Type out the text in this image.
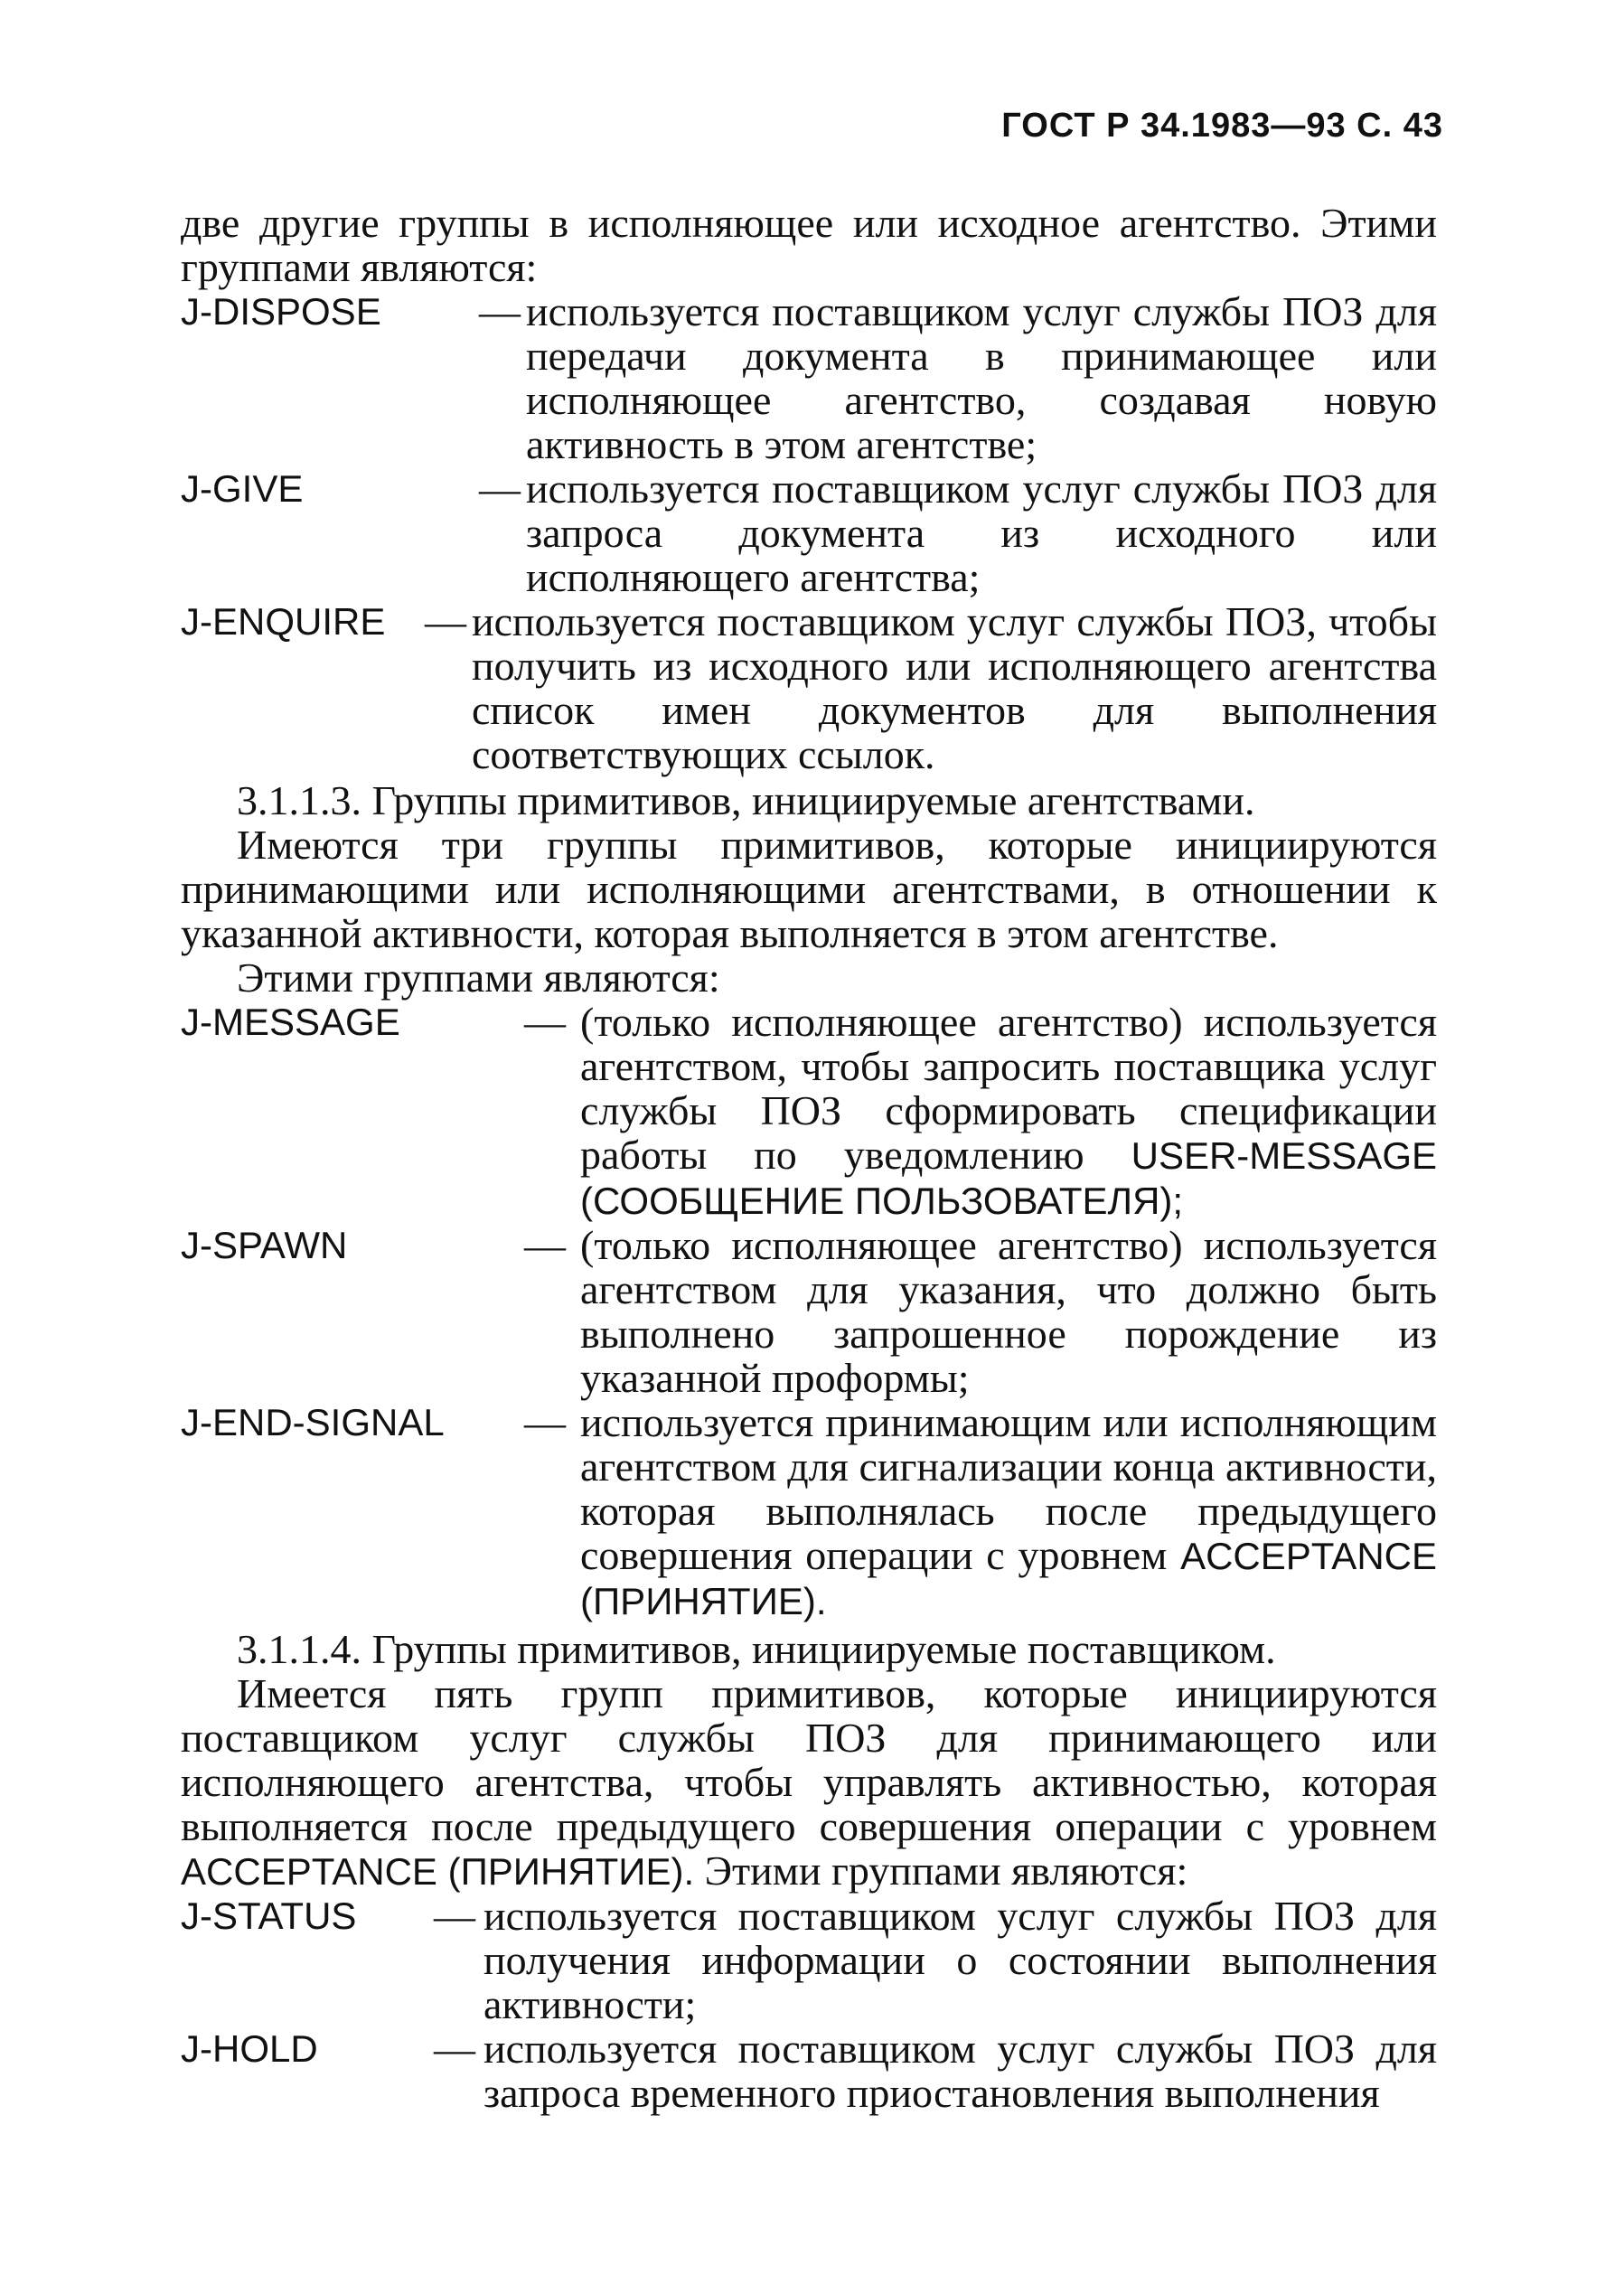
ГОСТ Р 34.1983—93 С. 43

две другие группы в исполняющее или исходное агентство. Этими группами являются:

J-DISPOSE	— используется поставщиком услуг службы ПОЗ для передачи документа в принимающее или исполняющее агентство, создавая новую активность в этом агентстве;
J-GIVE	— используется поставщиком услуг службы ПОЗ для запроса документа из исходного или исполняющего агентства;
J-ENQUIRE — используется поставщиком услуг службы ПОЗ, чтобы получить из исходного или исполняющего агентства список имен документов для выполнения соответствующих ссылок.

3.1.1.3. Группы примитивов, инициируемые агентствами.

Имеются три группы примитивов, которые инициируются принимающими или исполняющими агентствами, в отношении к указанной активности, которая выполняется в этом агентстве.

Этими группами являются:

J-MESSAGE	— (только исполняющее агентство) используется агентством, чтобы запросить поставщика услуг службы ПОЗ сформировать спецификации работы по уведомлению USER-MESSAGE (СООБЩЕНИЕ ПОЛЬЗОВАТЕЛЯ);
J-SPAWN	— (только исполняющее агентство) используется агентством для указания, что должно быть выполнено запрошенное порождение из указанной проформы;
J-END-SIGNAL	— используется принимающим или исполняющим агентством для сигнализации конца активности, которая выполнялась после предыдущего совершения операции с уровнем ACCEPTANCE (ПРИНЯТИЕ).

3.1.1.4. Группы примитивов, инициируемые поставщиком.

Имеется пять групп примитивов, которые инициируются поставщиком услуг службы ПОЗ для принимающего или исполняющего агентства, чтобы управлять активностью, которая выполняется после предыдущего совершения операции с уровнем ACCEPTANCE (ПРИНЯТИЕ). Этими группами являются:

J-STATUS	— используется поставщиком услуг службы ПОЗ для получения информации о состоянии выполнения активности;
J-HOLD	— используется поставщиком услуг службы ПОЗ для запроса временного приостановления выполнения
